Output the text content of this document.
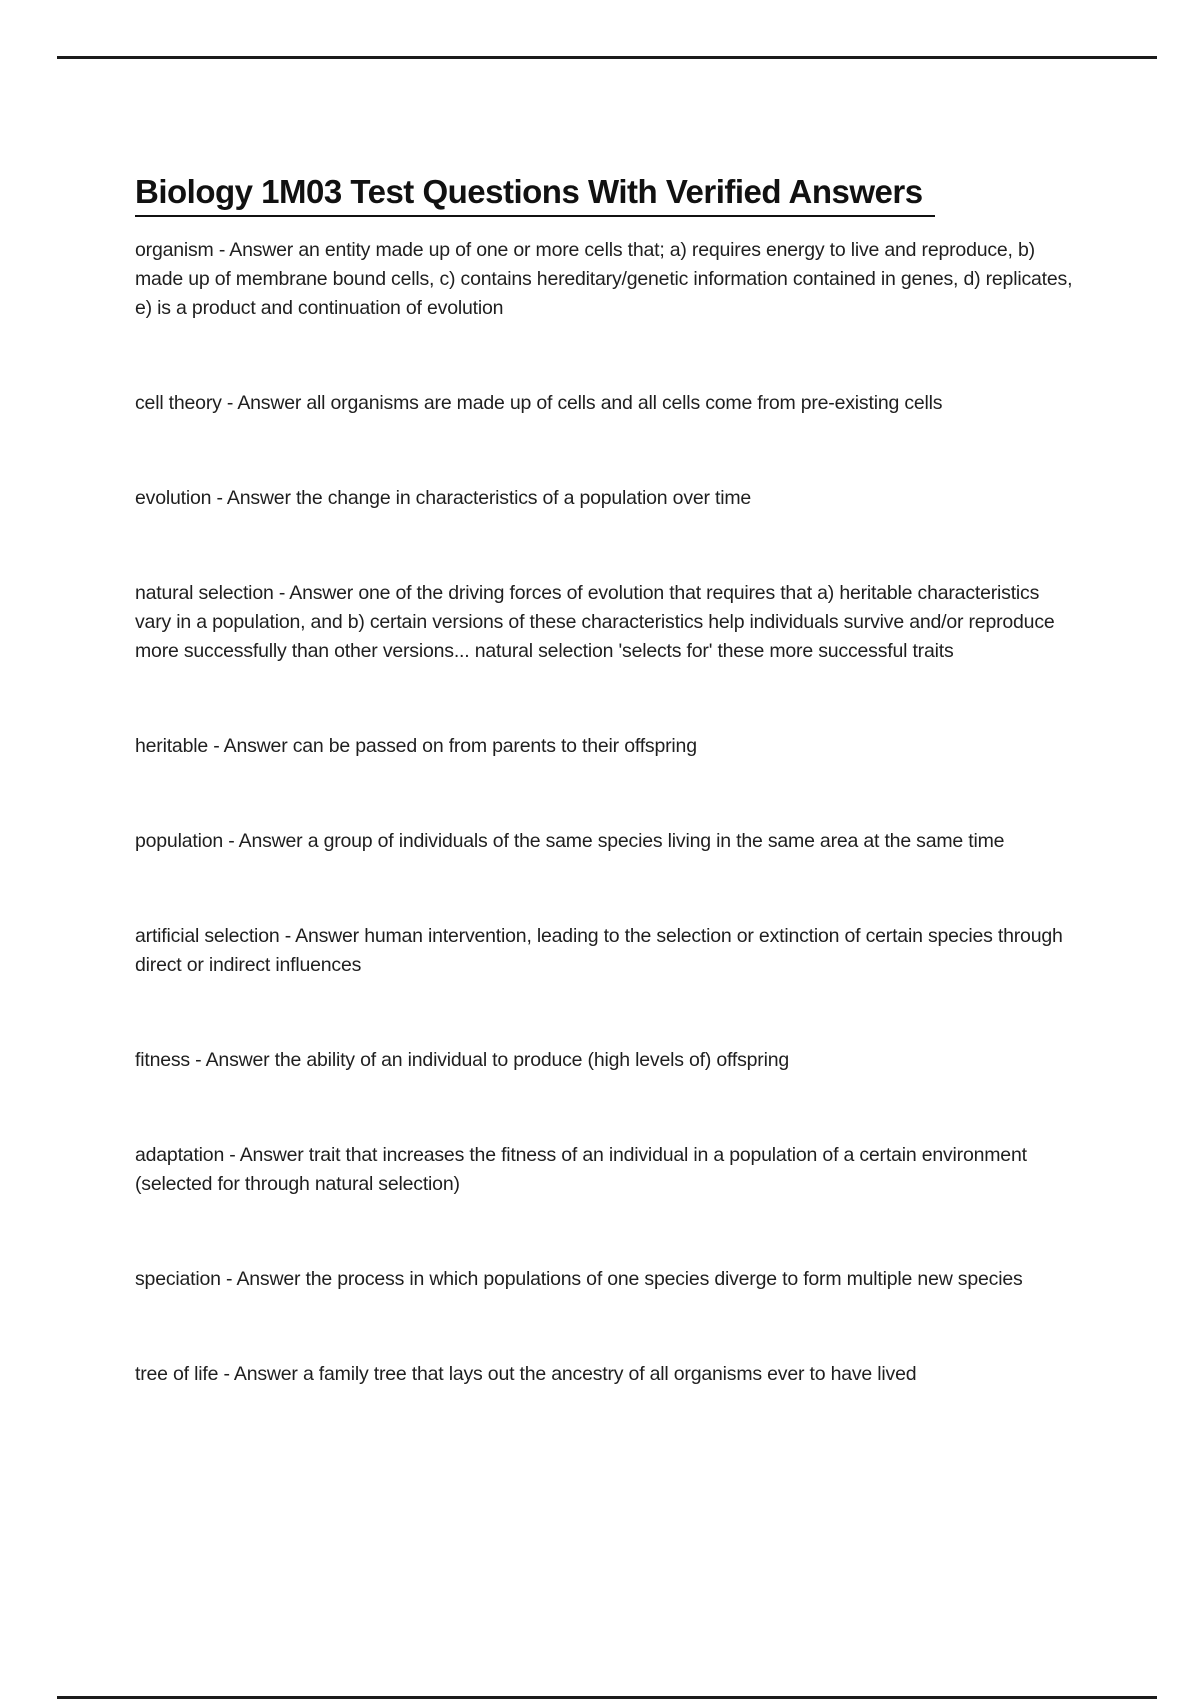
Biology 1M03 Test Questions With Verified Answers

organism - Answer an entity made up of one or more cells that; a) requires energy to live and reproduce, b) made up of membrane bound cells, c) contains hereditary/genetic information contained in genes, d) replicates, e) is a product and continuation of evolution

cell theory - Answer all organisms are made up of cells and all cells come from pre-existing cells

evolution - Answer the change in characteristics of a population over time

natural selection - Answer one of the driving forces of evolution that requires that a) heritable characteristics vary in a population, and b) certain versions of these characteristics help individuals survive and/or reproduce more successfully than other versions... natural selection 'selects for' these more successful traits

heritable - Answer can be passed on from parents to their offspring

population - Answer a group of individuals of the same species living in the same area at the same time

artificial selection - Answer human intervention, leading to the selection or extinction of certain species through direct or indirect influences

fitness - Answer the ability of an individual to produce (high levels of) offspring

adaptation - Answer trait that increases the fitness of an individual in a population of a certain environment (selected for through natural selection)

speciation - Answer the process in which populations of one species diverge to form multiple new species

tree of life - Answer a family tree that lays out the ancestry of all organisms ever to have lived
